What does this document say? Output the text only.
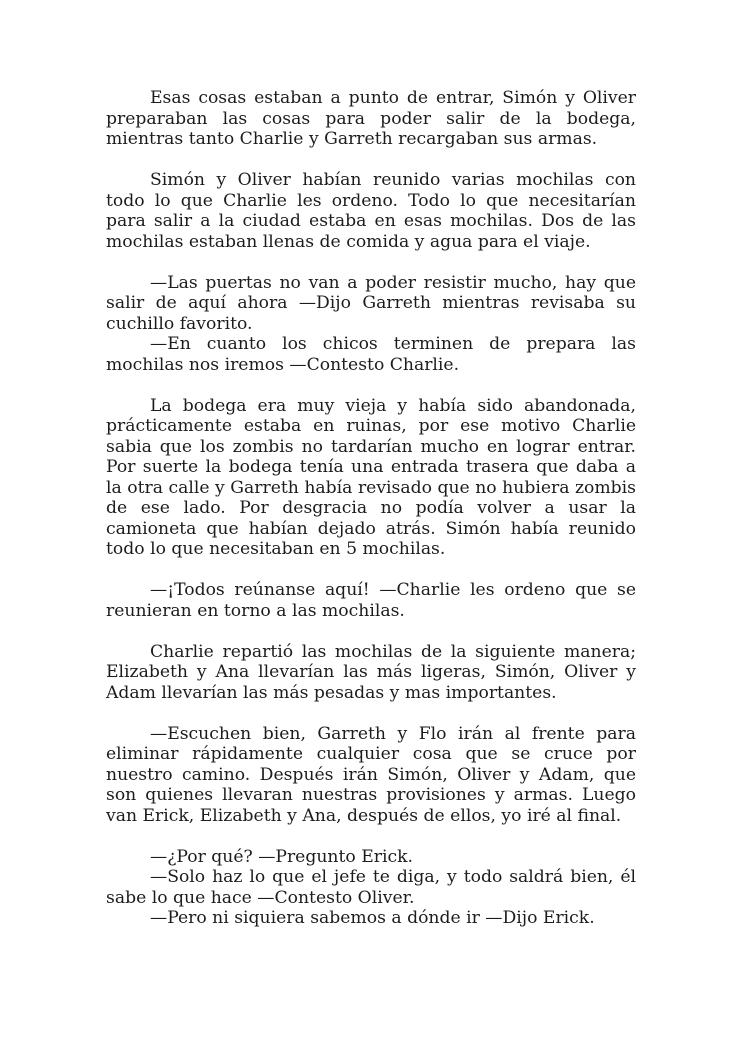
Esas cosas estaban a punto de entrar, Simón y Oliver preparaban las cosas para poder salir de la bodega, mientras tanto Charlie y Garreth recargaban sus armas.

Simón y Oliver habían reunido varias mochilas con todo lo que Charlie les ordeno. Todo lo que necesitarían para salir a la ciudad estaba en esas mochilas. Dos de las mochilas estaban llenas de comida y agua para el viaje.

—Las puertas no van a poder resistir mucho, hay que salir de aquí ahora —Dijo Garreth mientras revisaba su cuchillo favorito.

—En cuanto los chicos terminen de prepara las mochilas nos iremos —Contesto Charlie.

La bodega era muy vieja y había sido abandonada, prácticamente estaba en ruinas, por ese motivo Charlie sabia que los zombis no tardarían mucho en lograr entrar. Por suerte la bodega tenía una entrada trasera que daba a la otra calle y Garreth había revisado que no hubiera zombis de ese lado. Por desgracia no podía volver a usar la camioneta que habían dejado atrás. Simón había reunido todo lo que necesitaban en 5 mochilas.

—¡Todos reúnanse aquí! —Charlie les ordeno que se reunieran en torno a las mochilas.

Charlie repartió las mochilas de la siguiente manera; Elizabeth y Ana llevarían las más ligeras, Simón, Oliver y Adam llevarían las más pesadas y mas importantes.

—Escuchen bien, Garreth y Flo irán al frente para eliminar rápidamente cualquier cosa que se cruce por nuestro camino. Después irán Simón, Oliver y Adam, que son quienes llevaran nuestras provisiones y armas. Luego van Erick, Elizabeth y Ana, después de ellos, yo iré al final.

—¿Por qué? —Pregunto Erick.

—Solo haz lo que el jefe te diga, y todo saldrá bien, él sabe lo que hace —Contesto Oliver.

—Pero ni siquiera sabemos a dónde ir —Dijo Erick.
